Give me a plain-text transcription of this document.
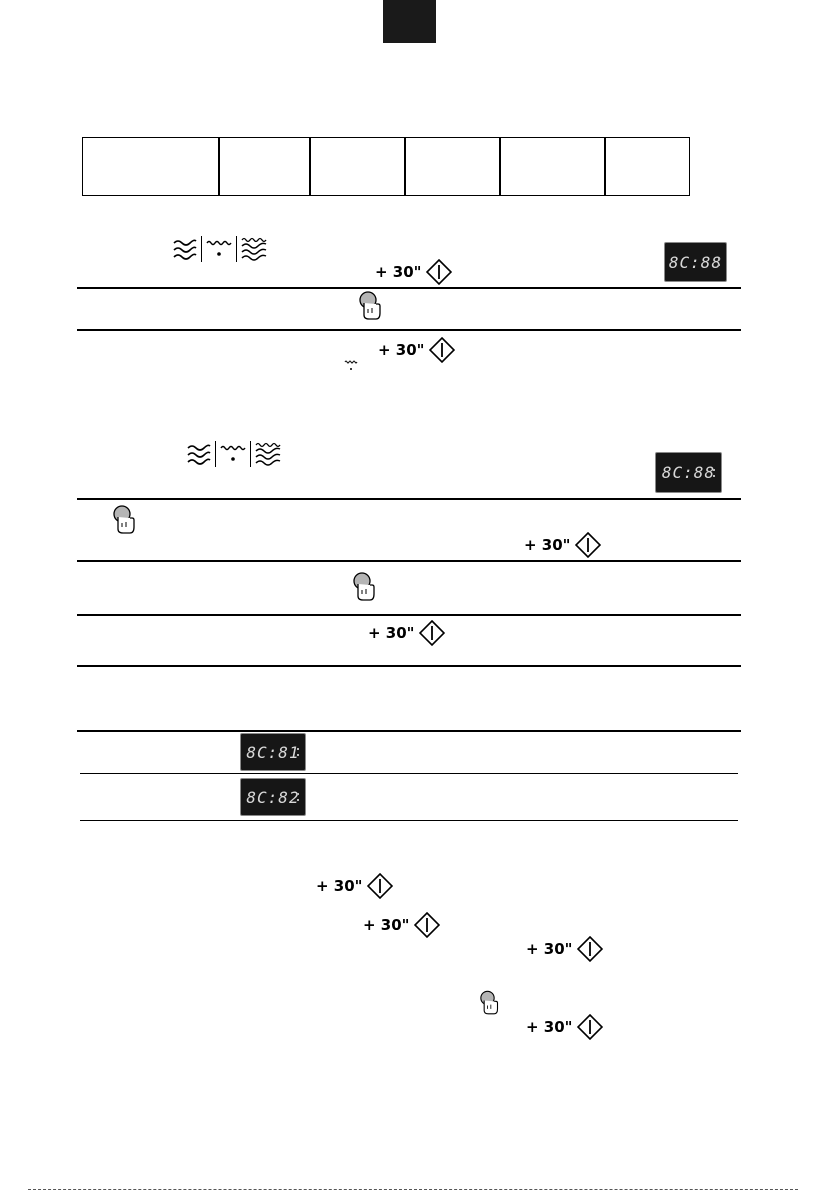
+ 30"
8C:88
+ 30"
8C:88
+ 30"
+ 30"
8C:81
8C:82
+ 30"
+ 30"
+ 30"
+ 30"
